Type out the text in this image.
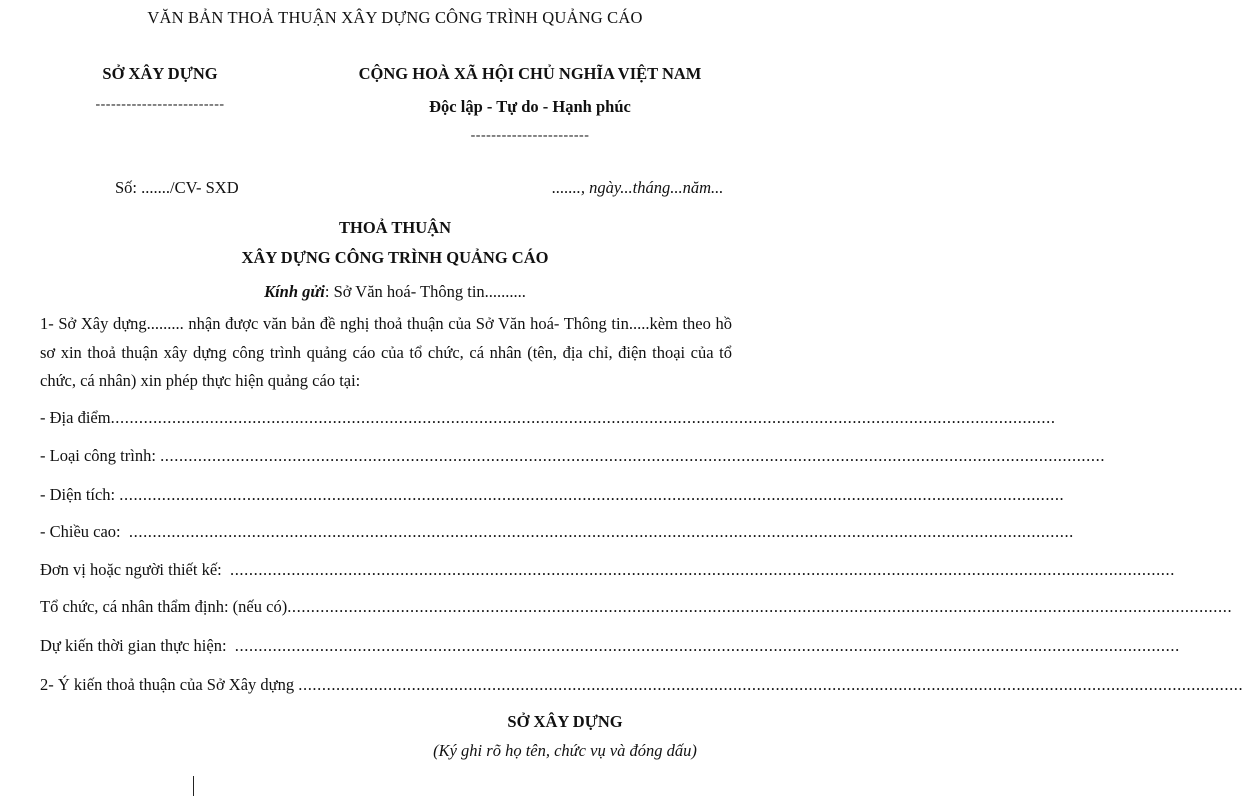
VĂN BẢN THOẢ THUẬN XÂY DỰNG CÔNG TRÌNH QUẢNG CÁO
SỞ XÂY DỰNG
-------------------------
CỘNG HOÀ XÃ HỘI CHỦ NGHĨA VIỆT NAM
Độc lập - Tự do - Hạnh phúc
-----------------------
Số: ......./CV- SXD	......., ngày...tháng...năm...
THOẢ THUẬN
XÂY DỰNG CÔNG TRÌNH QUẢNG CÁO
Kính gửi: Sở Văn hoá- Thông tin..........
1- Sở Xây dựng......... nhận được văn bản đề nghị thoả thuận của Sở Văn hoá- Thông tin.....kèm theo hồ sơ xin thoả thuận xây dựng công trình quảng cáo của tổ chức, cá nhân (tên, địa chỉ, điện thoại của tổ chức, cá nhân) xin phép thực hiện quảng cáo tại:
- Địa điểm ........................................................................................................................................................................................................
- Loại công trình: ........................................................................................................................................................................................................
- Diện tích: ........................................................................................................................................................................................................
- Chiều cao: ........................................................................................................................................................................................................
Đơn vị hoặc người thiết kế: ........................................................................................................................................................................................................
Tổ chức, cá nhân thẩm định: (nếu có) ........................................................................................................................................................................................................
Dự kiến thời gian thực hiện: ........................................................................................................................................................................................................
2- Ý kiến thoả thuận của Sở Xây dựng ........................................................................................................................................................................................................
SỞ XÂY DỰNG
(Ký ghi rõ họ tên, chức vụ và đóng dấu)
